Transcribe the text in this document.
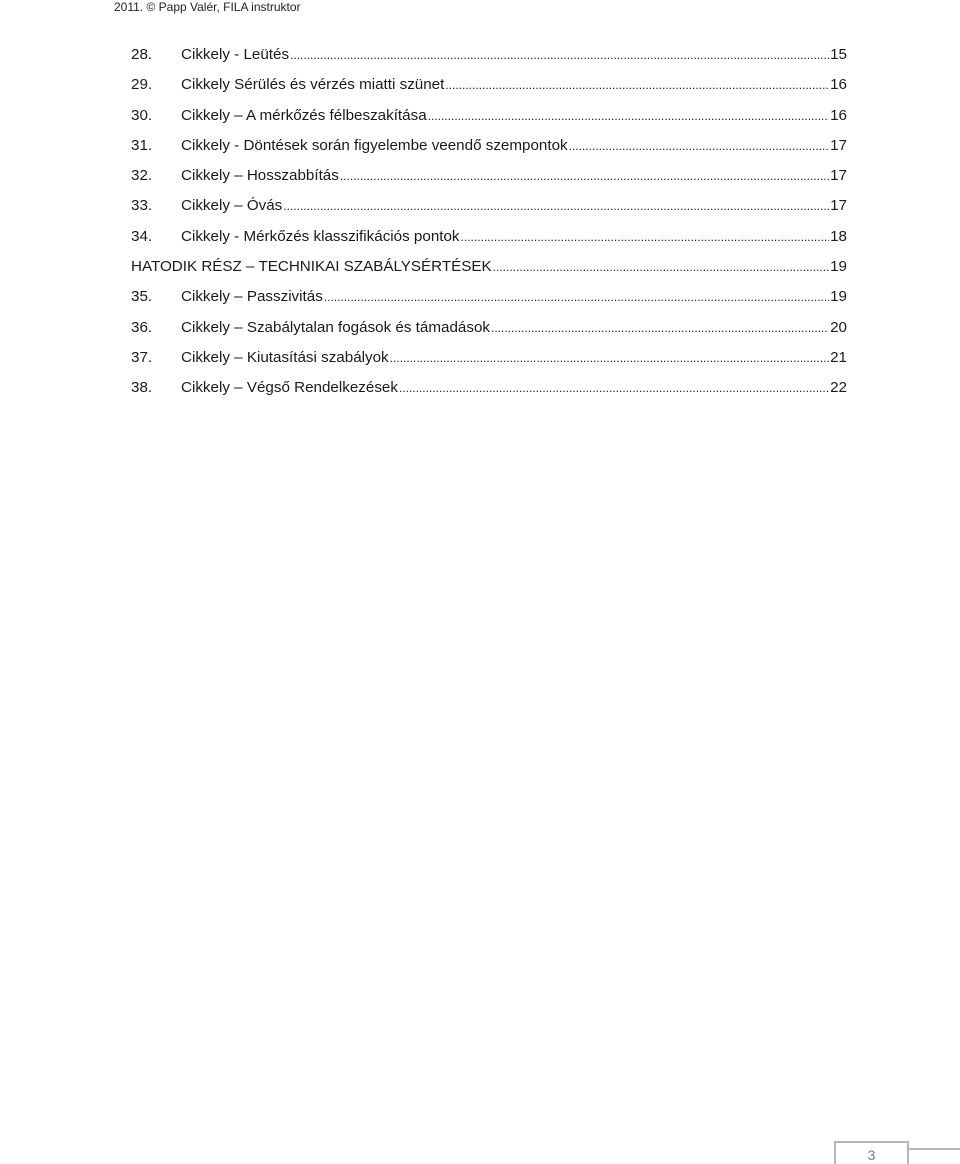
2011. © Papp Valér, FILA instruktor
28.	Cikkely - Leütés .....	15
29.	Cikkely Sérülés és vérzés miatti szünet .....	16
30.	Cikkely – A mérkőzés félbeszakítása .....	16
31.	Cikkely - Döntések során figyelembe veendő szempontok .....	17
32.	Cikkely – Hosszabbítás .....	17
33.	Cikkely – Óvás .....	17
34.	Cikkely - Mérkőzés klasszifikációs pontok .....	18
HATODIK RÉSZ – TECHNIKAI SZABÁLYSÉRTÉSEK .....	19
35.	Cikkely – Passzivitás .....	19
36.	Cikkely – Szabálytalan fogások és támadások .....	20
37.	Cikkely – Kiutasítási szabályok .....	21
38.	Cikkely – Végső Rendelkezések .....	22
3
